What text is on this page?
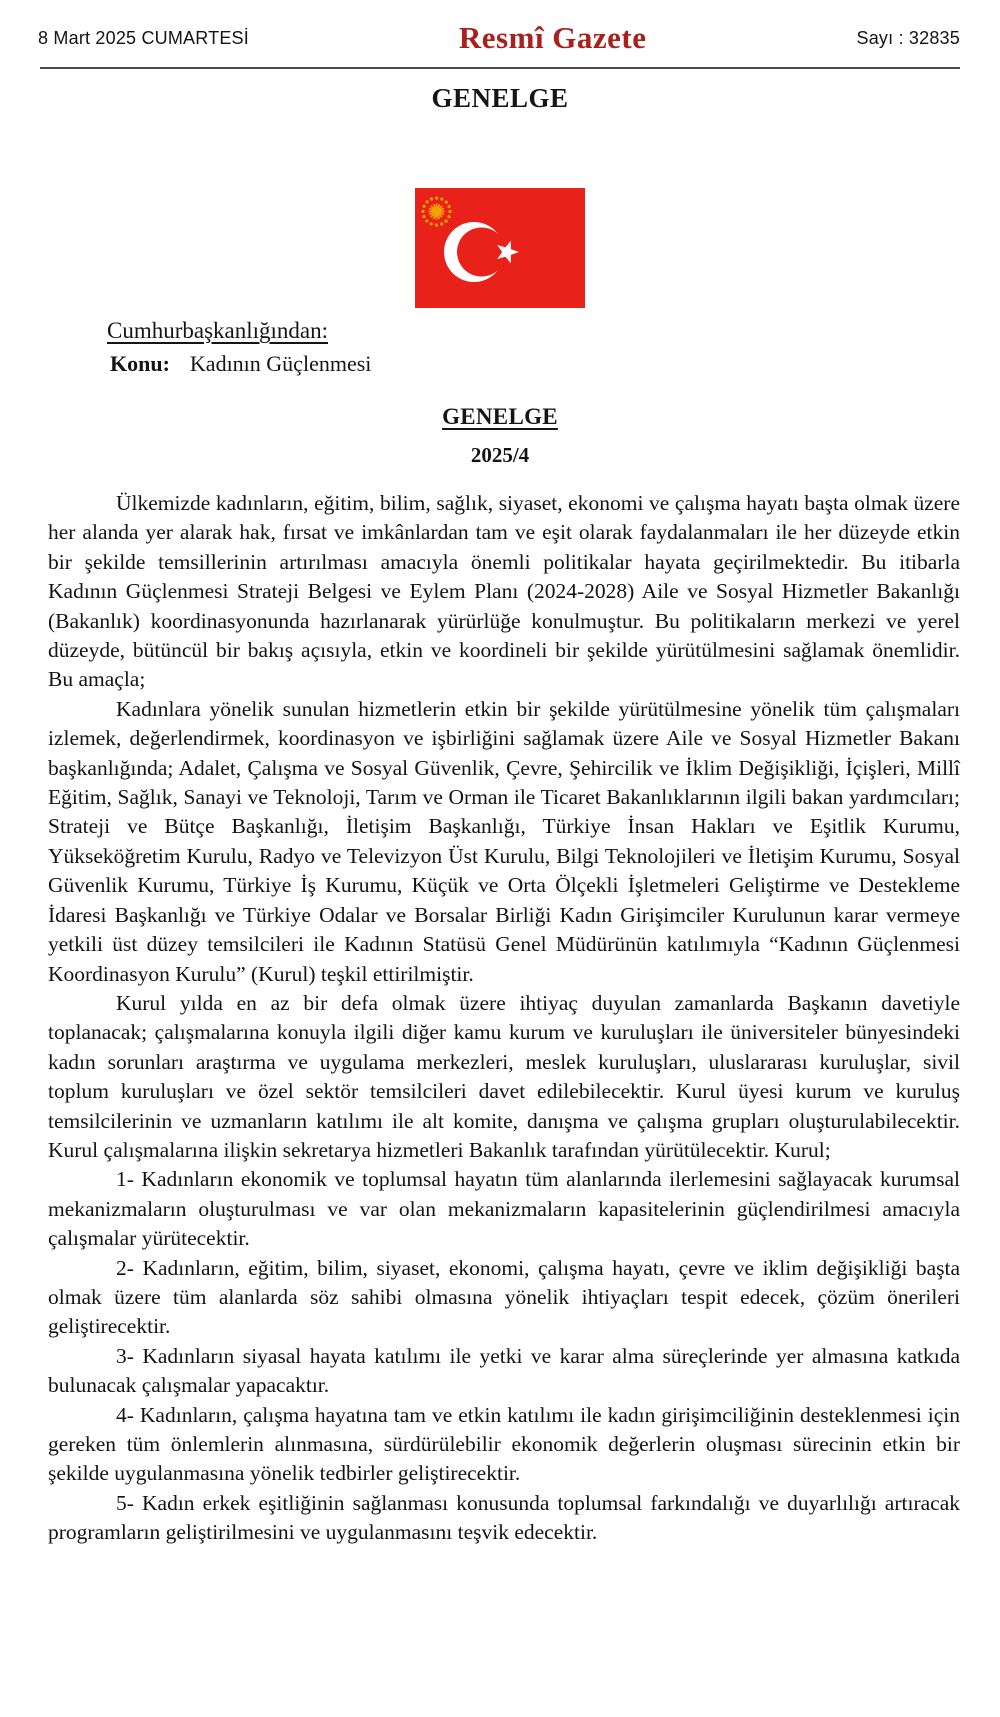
8 Mart 2025 CUMARTESİ	Resmî Gazete	Sayı : 32835
GENELGE

Cumhurbaşkanlığından:

Konu: Kadının Güçlenmesi

GENELGE
2025/4

Ülkemizde kadınların, eğitim, bilim, sağlık, siyaset, ekonomi ve çalışma hayatı başta olmak üzere her alanda yer alarak hak, fırsat ve imkânlardan tam ve eşit olarak faydalanmaları ile her düzeyde etkin bir şekilde temsillerinin artırılması amacıyla önemli politikalar hayata geçirilmektedir. Bu itibarla Kadının Güçlenmesi Strateji Belgesi ve Eylem Planı (2024-2028) Aile ve Sosyal Hizmetler Bakanlığı (Bakanlık) koordinasyonunda hazırlanarak yürürlüğe konulmuştur. Bu politikaların merkezi ve yerel düzeyde, bütüncül bir bakış açısıyla, etkin ve koordineli bir şekilde yürütülmesini sağlamak önemlidir. Bu amaçla;

Kadınlara yönelik sunulan hizmetlerin etkin bir şekilde yürütülmesine yönelik tüm çalışmaları izlemek, değerlendirmek, koordinasyon ve işbirliğini sağlamak üzere Aile ve Sosyal Hizmetler Bakanı başkanlığında; Adalet, Çalışma ve Sosyal Güvenlik, Çevre, Şehircilik ve İklim Değişikliği, İçişleri, Millî Eğitim, Sağlık, Sanayi ve Teknoloji, Tarım ve Orman ile Ticaret Bakanlıklarının ilgili bakan yardımcıları; Strateji ve Bütçe Başkanlığı, İletişim Başkanlığı, Türkiye İnsan Hakları ve Eşitlik Kurumu, Yükseköğretim Kurulu, Radyo ve Televizyon Üst Kurulu, Bilgi Teknolojileri ve İletişim Kurumu, Sosyal Güvenlik Kurumu, Türkiye İş Kurumu, Küçük ve Orta Ölçekli İşletmeleri Geliştirme ve Destekleme İdaresi Başkanlığı ve Türkiye Odalar ve Borsalar Birliği Kadın Girişimciler Kurulunun karar vermeye yetkili üst düzey temsilcileri ile Kadının Statüsü Genel Müdürünün katılımıyla “Kadının Güçlenmesi Koordinasyon Kurulu” (Kurul) teşkil ettirilmiştir.

Kurul yılda en az bir defa olmak üzere ihtiyaç duyulan zamanlarda Başkanın davetiyle toplanacak; çalışmalarına konuyla ilgili diğer kamu kurum ve kuruluşları ile üniversiteler bünyesindeki kadın sorunları araştırma ve uygulama merkezleri, meslek kuruluşları, uluslararası kuruluşlar, sivil toplum kuruluşları ve özel sektör temsilcileri davet edilebilecektir. Kurul üyesi kurum ve kuruluş temsilcilerinin ve uzmanların katılımı ile alt komite, danışma ve çalışma grupları oluşturulabilecektir. Kurul çalışmalarına ilişkin sekretarya hizmetleri Bakanlık tarafından yürütülecektir. Kurul;

1- Kadınların ekonomik ve toplumsal hayatın tüm alanlarında ilerlemesini sağlayacak kurumsal mekanizmaların oluşturulması ve var olan mekanizmaların kapasitelerinin güçlendirilmesi amacıyla çalışmalar yürütecektir.

2- Kadınların, eğitim, bilim, siyaset, ekonomi, çalışma hayatı, çevre ve iklim değişikliği başta olmak üzere tüm alanlarda söz sahibi olmasına yönelik ihtiyaçları tespit edecek, çözüm önerileri geliştirecektir.

3- Kadınların siyasal hayata katılımı ile yetki ve karar alma süreçlerinde yer almasına katkıda bulunacak çalışmalar yapacaktır.

4- Kadınların, çalışma hayatına tam ve etkin katılımı ile kadın girişimciliğinin desteklenmesi için gereken tüm önlemlerin alınmasına, sürdürülebilir ekonomik değerlerin oluşması sürecinin etkin bir şekilde uygulanmasına yönelik tedbirler geliştirecektir.

5- Kadın erkek eşitliğinin sağlanması konusunda toplumsal farkındalığı ve duyarlılığı artıracak programların geliştirilmesini ve uygulanmasını teşvik edecektir.
